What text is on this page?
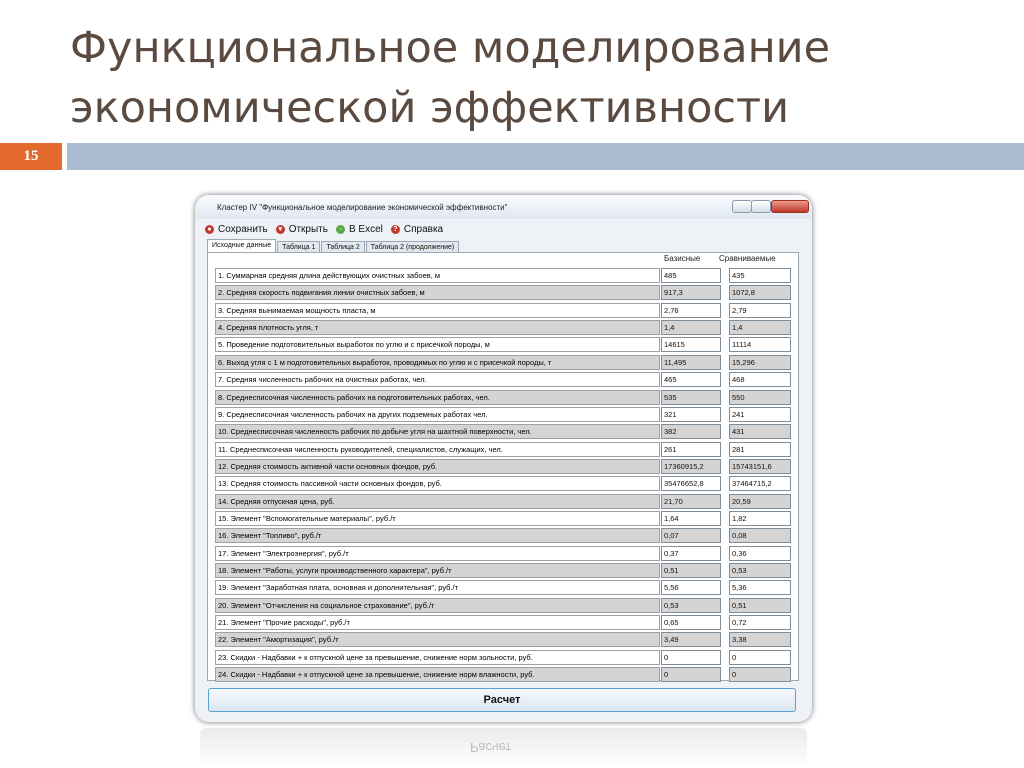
Функциональное моделирование
экономической эффективности
15
Расчет
Кластер IV "Функциональное моделирование экономической эффективности"
● Сохранить	▾ Открыть	◦ В Excel	? Справка
Исходные данные	Таблица 1	Таблица 2	Таблица 2 (продолжение)
Базисные Сравниваемые
1. Суммарная средняя длина действующих очистных забоев, м	485	435
2. Средняя скорость подвигания линии очистных забоев, м	917,3	1072,8
3. Средняя вынимаемая мощность пласта, м	2,76	2,79
4. Средняя плотность угля, т	1,4	1,4
5. Проведение подготовительных выработок по углю и с присечкой породы, м	14615	11114
6. Выход угля с 1 м подготовительных выработок, проводимых по углю и с присечкой породы, т	11,495	15,296
7. Средняя численность рабочих на очистных работах, чел.	465	468
8. Среднесписочная численность рабочих на подготовительных работах, чел.	535	550
9. Среднесписочная численность рабочих на других подземных работах чел.	321	241
10. Среднесписочная численность рабочих по добыче угля на шахтной поверхности, чел.	382	431
11. Среднесписочная численность руководителей, специалистов, служащих, чел.	261	281
12. Средняя стоимость активной части основных фондов, руб.	17360915,2	15743151,6
13. Средняя стоимость пассивной части основных фондов, руб.	35476652,8	37464715,2
14. Средняя отпускная цена, руб.	21,70	20,59
15. Элемент "Вспомогательные материалы", руб./т	1,64	1,82
16. Элемент "Топливо", руб./т	0,07	0,08
17. Элемент "Электроэнергия", руб./т	0,37	0,36
18. Элемент "Работы, услуги производственного характера", руб./т	0,51	0,53
19. Элемент "Заработная плата, основная и дополнительная", руб./т	5,56	5,36
20. Элемент "Отчисления на социальное страхование", руб./т	0,53	0,51
21. Элемент "Прочие расходы", руб./т	0,65	0,72
22. Элемент "Амортизация", руб./т	3,49	3,38
23. Скидки - Надбавки + к отпускной цене за превышение, снижение норм зольности, руб.	0	0
24. Скидки - Надбавки + к отпускной цене за превышение, снижение норм влажности, руб.	0	0
Расчет
